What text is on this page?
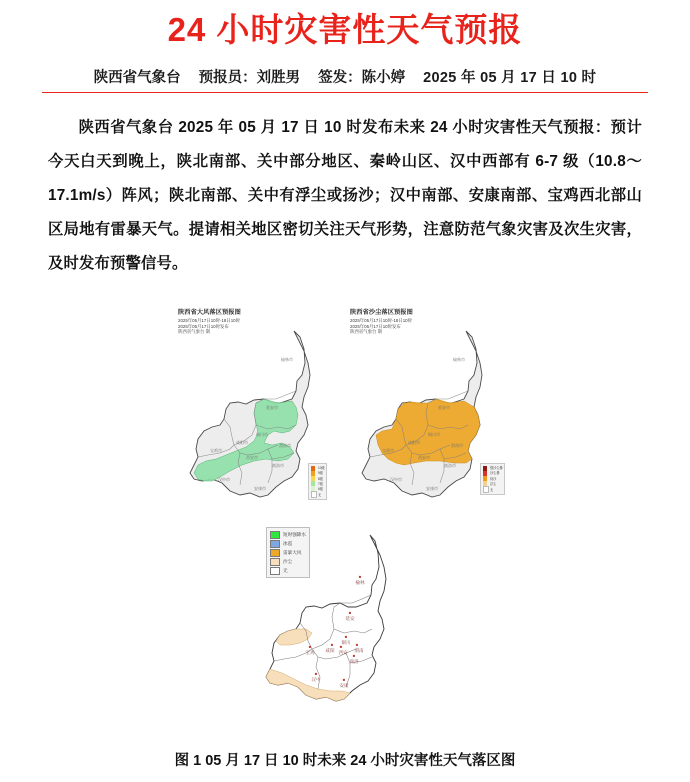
24 小时灾害性天气预报
陕西省气象台 预报员：刘胜男 签发：陈小婷 2025 年 05 月 17 日 10 时
陕西省气象台 2025 年 05 月 17 日 10 时发布未来 24 小时灾害性天气预报：预计今天白天到晚上，陕北南部、关中部分地区、秦岭山区、汉中西部有 6-7 级（10.8～17.1m/s）阵风；陕北南部、关中有浮尘或扬沙；汉中南部、安康南部、宝鸡西北部山区局地有雷暴天气。提请相关地区密切关注天气形势，注意防范气象灾害及次生灾害，及时发布预警信号。
陕西省大风落区预报图
2025年05月17日10时-18日10时
2025年05月17日10时发布
陕西省气象台 制
10级
9级
8级
7级
6级
无
榆林市
延安市
铜川市
渭南市
咸阳市
宝鸡市
西安市
商洛市
汉中市
安康市
陕西省沙尘落区预报图
2025年05月17日10时-18日10时
2025年05月17日10时发布
陕西省气象台 制
强沙尘暴
沙尘暴
扬沙
浮尘
无
榆林市
延安市
铜川市
渭南市
咸阳市
宝鸡市
西安市
商洛市
汉中市
安康市
短时强降水
冰雹
雷暴大风
沙尘
无
榆林
延安
铜川
渭南
咸阳
宝鸡	西安
商洛
汉中
安康
图 1 05 月 17 日 10 时未来 24 小时灾害性天气落区图
